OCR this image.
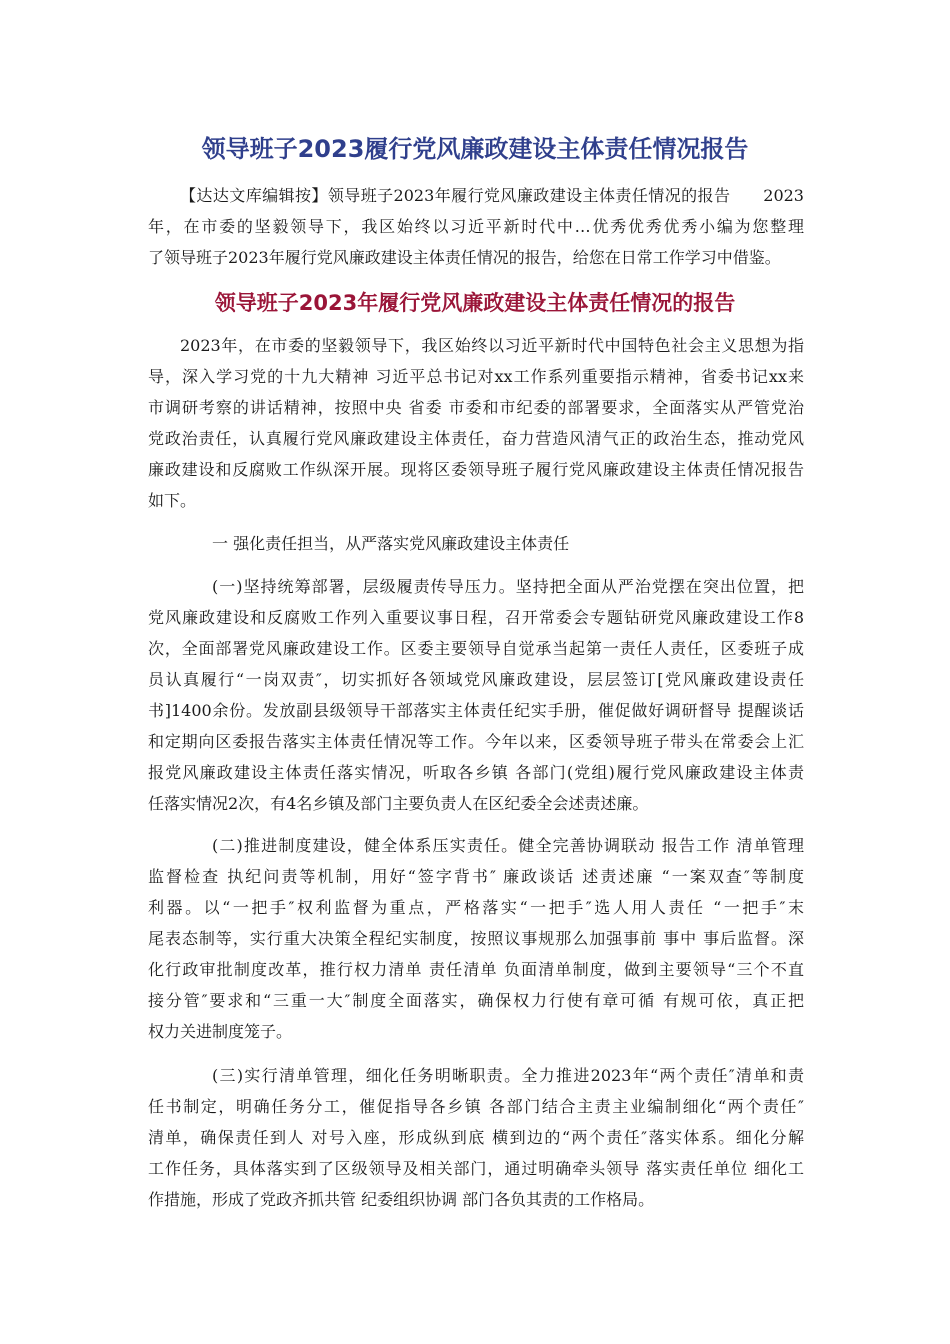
领导班子2023履行党风廉政建设主体责任情况报告
【达达文库编辑按】领导班子2023年履行党风廉政建设主体责任情况的报告　　2023
年，在市委的坚毅领导下，我区始终以习近平新时代中…优秀优秀优秀小编为您整理
了领导班子2023年履行党风廉政建设主体责任情况的报告，给您在日常工作学习中借鉴。
领导班子2023年履行党风廉政建设主体责任情况的报告
2023年，在市委的坚毅领导下，我区始终以习近平新时代中国特色社会主义思想为指
导，深入学习党的十九大精神 习近平总书记对xx工作系列重要指示精神，省委书记xx来
市调研考察的讲话精神，按照中央 省委 市委和市纪委的部署要求，全面落实从严管党治
党政治责任，认真履行党风廉政建设主体责任，奋力营造风清气正的政治生态，推动党风
廉政建设和反腐败工作纵深开展。现将区委领导班子履行党风廉政建设主体责任情况报告
如下。
一 强化责任担当，从严落实党风廉政建设主体责任
(一)坚持统筹部署，层级履责传导压力。坚持把全面从严治党摆在突出位置，把
党风廉政建设和反腐败工作列入重要议事日程，召开常委会专题钻研党风廉政建设工作8
次，全面部署党风廉政建设工作。区委主要领导自觉承当起第一责任人责任，区委班子成
员认真履行“一岗双责″，切实抓好各领域党风廉政建设，层层签订[党风廉政建设责任
书]1400余份。发放副县级领导干部落实主体责任纪实手册，催促做好调研督导 提醒谈话
和定期向区委报告落实主体责任情况等工作。今年以来，区委领导班子带头在常委会上汇
报党风廉政建设主体责任落实情况，听取各乡镇 各部门(党组)履行党风廉政建设主体责
任落实情况2次，有4名乡镇及部门主要负责人在区纪委全会述责述廉。
(二)推进制度建设，健全体系压实责任。健全完善协调联动 报告工作 清单管理
监督检查 执纪问责等机制，用好“签字背书″ 廉政谈话 述责述廉 “一案双查″等制度
利器。以“一把手″权利监督为重点，严格落实“一把手″选人用人责任 “一把手″末
尾表态制等，实行重大决策全程纪实制度，按照议事规那么加强事前 事中 事后监督。深
化行政审批制度改革，推行权力清单 责任清单 负面清单制度，做到主要领导“三个不直
接分管″要求和“三重一大″制度全面落实，确保权力行使有章可循 有规可依，真正把
权力关进制度笼子。
(三)实行清单管理，细化任务明晰职责。全力推进2023年“两个责任″清单和责
任书制定，明确任务分工，催促指导各乡镇 各部门结合主责主业编制细化“两个责任″
清单，确保责任到人 对号入座，形成纵到底 横到边的“两个责任″落实体系。细化分解
工作任务，具体落实到了区级领导及相关部门，通过明确牵头领导 落实责任单位 细化工
作措施，形成了党政齐抓共管 纪委组织协调 部门各负其责的工作格局。
